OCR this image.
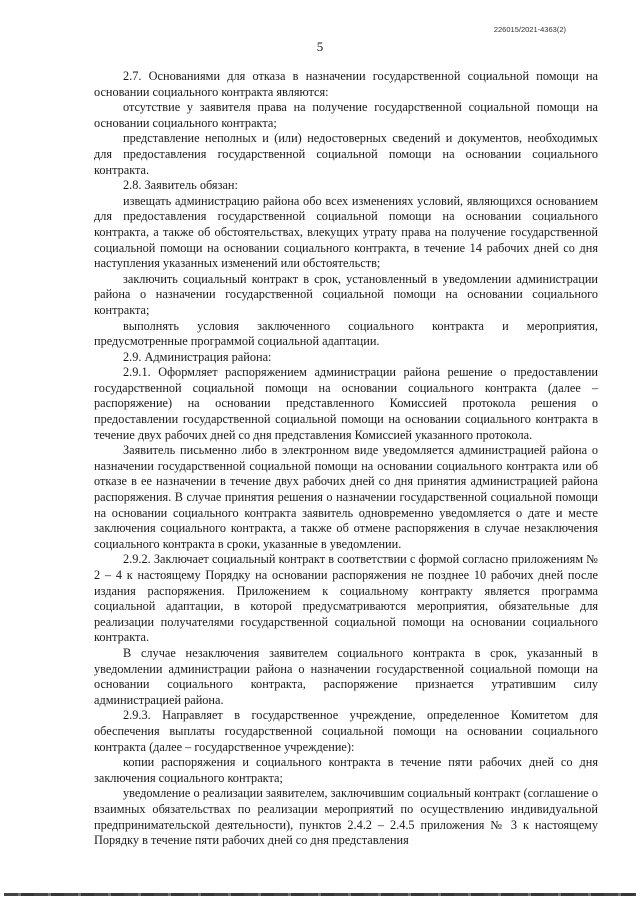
226015/2021-4363(2)
5

2.7. Основаниями для отказа в назначении государственной социальной помощи на основании социального контракта являются:

отсутствие у заявителя права на получение государственной социальной помощи на основании социального контракта;

представление неполных и (или) недостоверных сведений и документов, необходимых для предоставления государственной социальной помощи на основании социального контракта.

2.8. Заявитель обязан:

извещать администрацию района обо всех изменениях условий, являющихся основанием для предоставления государственной социальной помощи на основании социального контракта, а также об обстоятельствах, влекущих утрату права на получение государственной социальной помощи на основании социального контракта, в течение 14 рабочих дней со дня наступления указанных изменений или обстоятельств;

заключить социальный контракт в срок, установленный в уведомлении администрации района о назначении государственной социальной помощи на основании социального контракта;

выполнять условия заключенного социального контракта и мероприятия, предусмотренные программой социальной адаптации.

2.9. Администрация района:

2.9.1. Оформляет распоряжением администрации района решение о предоставлении государственной социальной помощи на основании социального контракта (далее – распоряжение) на основании представленного Комиссией протокола решения о предоставлении государственной социальной помощи на основании социального контракта в течение двух рабочих дней со дня представления Комиссией указанного протокола.

Заявитель письменно либо в электронном виде уведомляется администрацией района о назначении государственной социальной помощи на основании социального контракта или об отказе в ее назначении в течение двух рабочих дней со дня принятия администрацией района распоряжения. В случае принятия решения о назначении государственной социальной помощи на основании социального контракта заявитель одновременно уведомляется о дате и месте заключения социального контракта, а также об отмене распоряжения в случае незаключения социального контракта в сроки, указанные в уведомлении.

2.9.2. Заключает социальный контракт в соответствии с формой согласно приложениям № 2 – 4 к настоящему Порядку на основании распоряжения не позднее 10 рабочих дней после издания распоряжения. Приложением к социальному контракту является программа социальной адаптации, в которой предусматриваются мероприятия, обязательные для реализации получателями государственной социальной помощи на основании социального контракта.

В случае незаключения заявителем социального контракта в срок, указанный в уведомлении администрации района о назначении государственной социальной помощи на основании социального контракта, распоряжение признается утратившим силу администрацией района.

2.9.3. Направляет в государственное учреждение, определенное Комитетом для обеспечения выплаты государственной социальной помощи на основании социального контракта (далее – государственное учреждение):

копии распоряжения и социального контракта в течение пяти рабочих дней со дня заключения социального контракта;

уведомление о реализации заявителем, заключившим социальный контракт (соглашение о взаимных обязательствах по реализации мероприятий по осуществлению индивидуальной предпринимательской деятельности), пунктов 2.4.2 – 2.4.5 приложения № 3 к настоящему Порядку в течение пяти рабочих дней со дня представления
